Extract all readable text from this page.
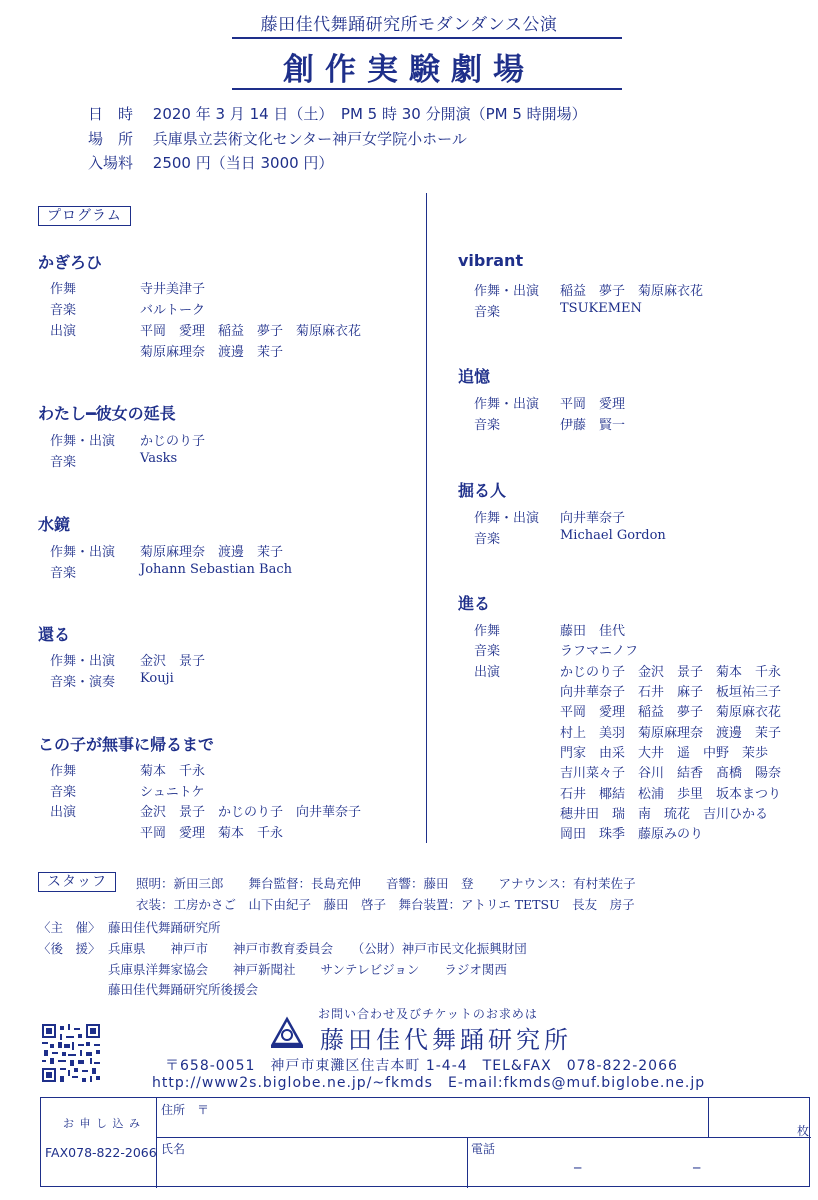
藤田佳代舞踊研究所モダンダンス公演
創作実験劇場
日　時 2020 年 3 月 14 日（土）　PM 5 時 30 分開演（PM 5 時開場）
場　所 兵庫県立芸術文化センター神戸女学院小ホール
入場料 2500 円（当日 3000 円）
プログラム
かぎろひ
作舞	寺井美津子
音楽	バルトーク
出演	平岡　愛理　稲益　夢子　菊原麻衣花
菊原麻理奈　渡邊　茉子
わたし━彼女の延長
作舞・出演 かじのり子
音楽	Vasks
水鏡
作舞・出演 菊原麻理奈　渡邊　茉子
音楽	Johann Sebastian Bach
還る
作舞・出演 金沢　景子
音楽・演奏 Kouji
この子が無事に帰るまで
作舞	菊本　千永
音楽	シュニトケ
出演	金沢　景子　かじのり子　向井華奈子
平岡　愛理　菊本　千永
vibrant
作舞・出演 稲益　夢子　菊原麻衣花
音楽	TSUKEMEN
追憶
作舞・出演 平岡　愛理
音楽	伊藤　賢一
掘る人
作舞・出演 向井華奈子
音楽	Michael Gordon
進る
作舞	藤田　佳代
音楽	ラフマニノフ
出演	かじのり子　金沢　景子　菊本　千永
向井華奈子　石井　麻子　板垣祐三子
平岡　愛理　稲益　夢子　菊原麻衣花
村上　美羽　菊原麻理奈　渡邊　茉子
門家　由采　大井　遥　中野　茉歩
吉川菜々子　谷川　結香　髙橋　陽奈
石井　椰結　松浦　歩里　坂本まつり
穂井田　瑞　南　琉花　吉川ひかる
岡田　珠季　藤原みのり
スタッフ	照明：新田三郎　　舞台監督：長島充伸　　音響：藤田　登　　アナウンス：有村茉佐子
衣装：工房かさご　山下由紀子　藤田　啓子　舞台装置：アトリエ TETSU　長友　房子
〈主　催〉 藤田佳代舞踊研究所
〈後　援〉 兵庫県　　神戸市　　神戸市教育委員会　　（公財）神戸市民文化振興財団
兵庫県洋舞家協会　　神戸新聞社　　サンテレビジョン　　ラジオ関西
藤田佳代舞踊研究所後援会
お問い合わせ及びチケットのお求めは
藤田佳代舞踊研究所
〒658-0051　神戸市東灘区住吉本町 1-4-4　TEL&FAX　078-822-2066
http://www2s.biglobe.ne.jp/~fkmds　E-mail:fkmds@muf.biglobe.ne.jp
お 申 し 込 み
FAX078-822-2066
住所　〒
枚
氏名	電話
─	─
